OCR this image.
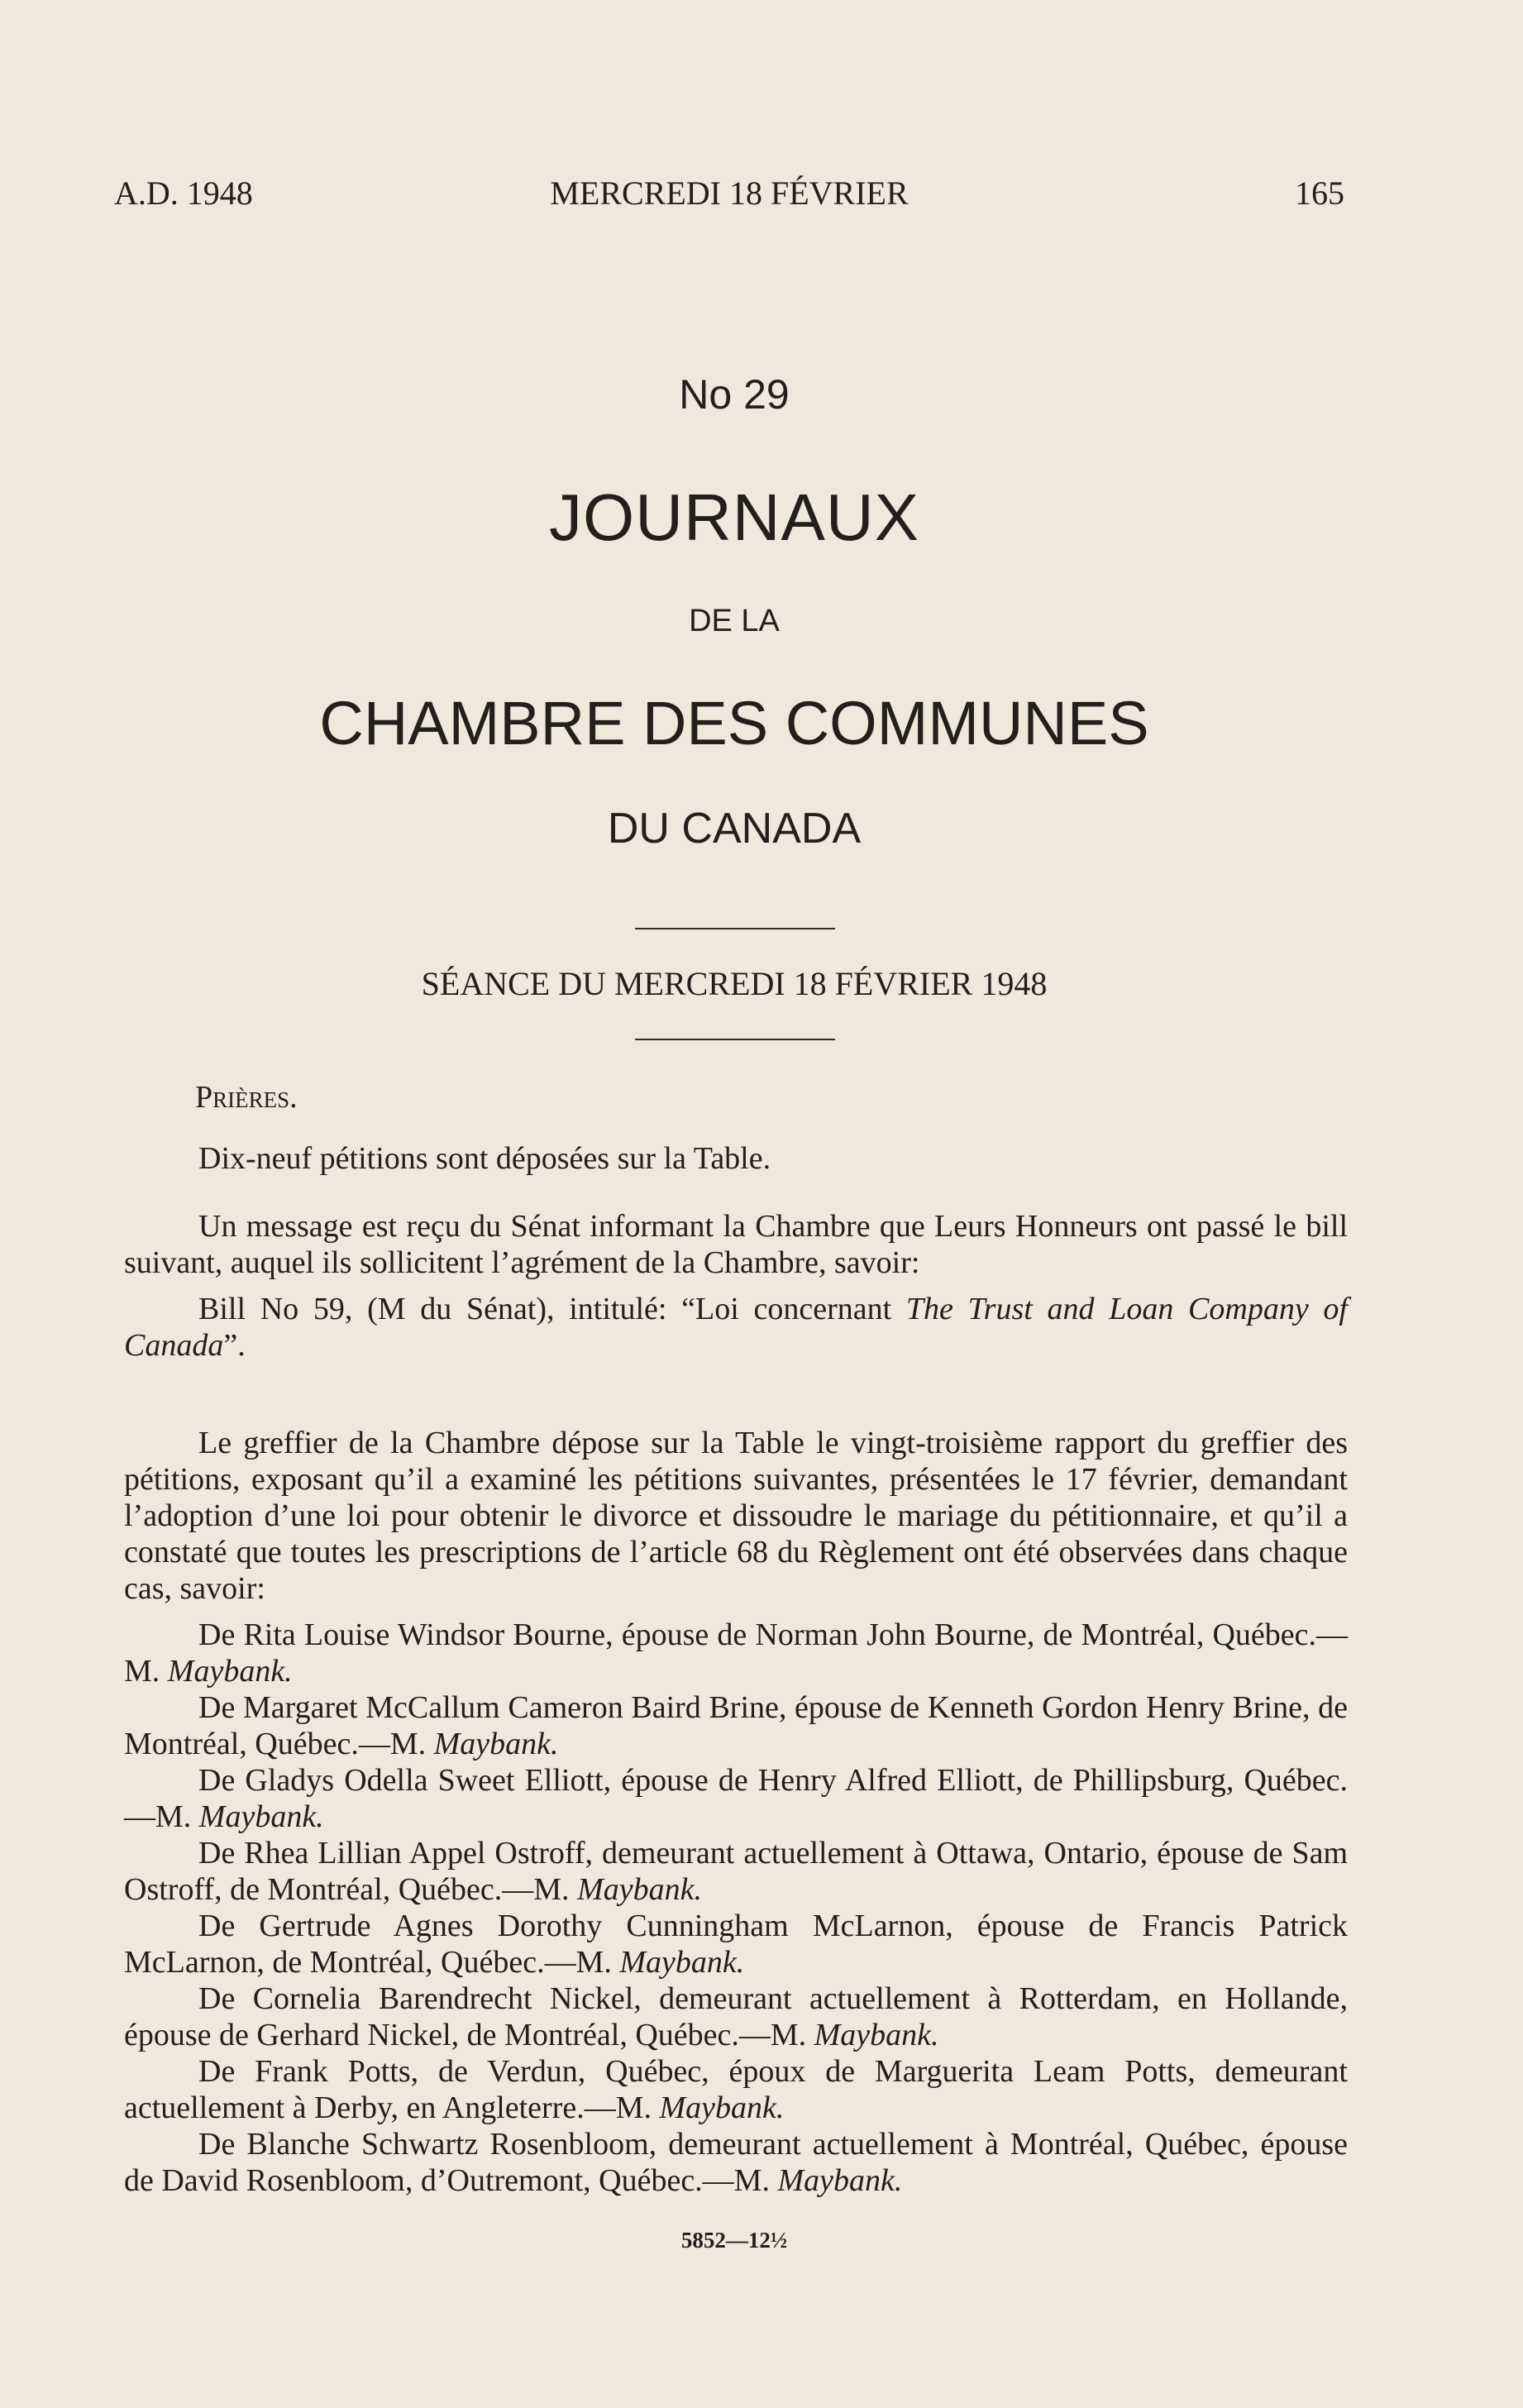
A.D. 1948	MERCREDI 18 FÉVRIER	165
No 29
JOURNAUX
DE LA
CHAMBRE DES COMMUNES
DU CANADA
SÉANCE DU MERCREDI 18 FÉVRIER 1948

Prières.

Dix-neuf pétitions sont déposées sur la Table.

Un message est reçu du Sénat informant la Chambre que Leurs Honneurs ont passé le bill suivant, auquel ils sollicitent l’agrément de la Chambre, savoir:

Bill No 59, (M du Sénat), intitulé: “Loi concernant The Trust and Loan Company of Canada”.

Le greffier de la Chambre dépose sur la Table le vingt-troisième rapport du greffier des pétitions, exposant qu’il a examiné les pétitions suivantes, présentées le 17 février, demandant l’adoption d’une loi pour obtenir le divorce et dissoudre le mariage du pétitionnaire, et qu’il a constaté que toutes les prescriptions de l’article 68 du Règlement ont été observées dans chaque cas, savoir:

De Rita Louise Windsor Bourne, épouse de Norman John Bourne, de Montréal, Québec.—M. Maybank.

De Margaret McCallum Cameron Baird Brine, épouse de Kenneth Gordon Henry Brine, de Montréal, Québec.—M. Maybank.

De Gladys Odella Sweet Elliott, épouse de Henry Alfred Elliott, de Phillipsburg, Québec.—M. Maybank.

De Rhea Lillian Appel Ostroff, demeurant actuellement à Ottawa, Ontario, épouse de Sam Ostroff, de Montréal, Québec.—M. Maybank.

De Gertrude Agnes Dorothy Cunningham McLarnon, épouse de Francis Patrick McLarnon, de Montréal, Québec.—M. Maybank.

De Cornelia Barendrecht Nickel, demeurant actuellement à Rotterdam, en Hollande, épouse de Gerhard Nickel, de Montréal, Québec.—M. Maybank.

De Frank Potts, de Verdun, Québec, époux de Marguerita Leam Potts, demeurant actuellement à Derby, en Angleterre.—M. Maybank.

De Blanche Schwartz Rosenbloom, demeurant actuellement à Montréal, Québec, épouse de David Rosenbloom, d’Outremont, Québec.—M. Maybank.

5852—12½
